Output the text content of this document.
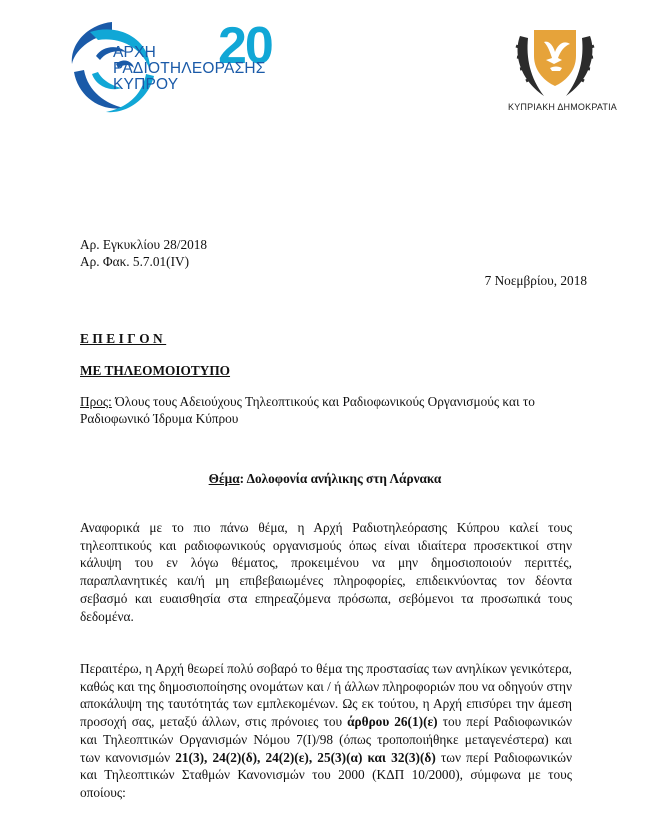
20
ΑΡΧΗ
ΡΑΔΙΟΤΗΛΕΟΡΑΣΗΣ
ΚΥΠΡΟΥ
ΚΥΠΡΙΑΚΗ ΔΗΜΟΚΡΑΤΙΑ
Αρ. Εγκυκλίου 28/2018
Αρ. Φακ. 5.7.01(IV)
7 Νοεμβρίου, 2018
ΕΠΕΙΓΟΝ
ΜΕ ΤΗΛΕΟΜΟΙΟΤΥΠΟ
Προς: Όλους τους Αδειούχους Τηλεοπτικούς και Ραδιοφωνικούς Οργανισμούς και το Ραδιοφωνικό Ίδρυμα Κύπρου
Θέμα: Δολοφονία ανήλικης στη Λάρνακα
Αναφορικά με το πιο πάνω θέμα, η Αρχή Ραδιοτηλεόρασης Κύπρου καλεί τους τηλεοπτικούς και ραδιοφωνικούς οργανισμούς όπως είναι ιδιαίτερα προσεκτικοί στην κάλυψη του εν λόγω θέματος, προκειμένου να μην δημοσιοποιούν περιττές, παραπλανητικές και/ή μη επιβεβαιωμένες πληροφορίες, επιδεικνύοντας τον δέοντα σεβασμό και ευαισθησία στα επηρεαζόμενα πρόσωπα, σεβόμενοι τα προσωπικά τους δεδομένα.
Περαιτέρω, η Αρχή θεωρεί πολύ σοβαρό το θέμα της προστασίας των ανηλίκων γενικότερα, καθώς και της δημοσιοποίησης ονομάτων και / ή άλλων πληροφοριών που να οδηγούν στην αποκάλυψη της ταυτότητάς των εμπλεκομένων. Ως εκ τούτου, η Αρχή επισύρει την άμεση προσοχή σας, μεταξύ άλλων, στις πρόνοιες του άρθρου 26(1)(ε) του περί Ραδιοφωνικών και Τηλεοπτικών Οργανισμών Νόμου 7(Ι)/98 (όπως τροποποιήθηκε μεταγενέστερα) και των κανονισμών 21(3), 24(2)(δ), 24(2)(ε), 25(3)(α) και 32(3)(δ) των περί Ραδιοφωνικών και Τηλεοπτικών Σταθμών Κανονισμών του 2000 (ΚΔΠ 10/2000), σύμφωνα με τους οποίους:
